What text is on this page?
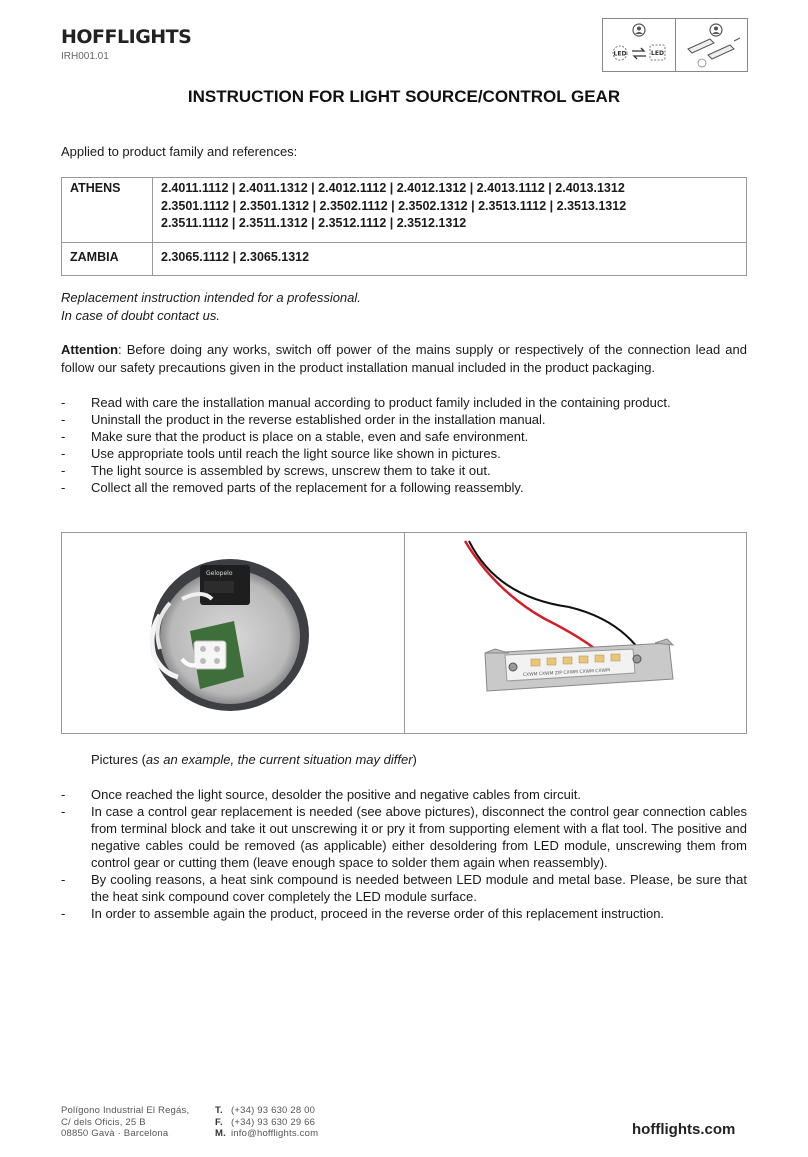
HOFFLIGHTS
IRH001.01	LED	LED
INSTRUCTION FOR LIGHT SOURCE/CONTROL GEAR
Applied to product family and references:
ATHENS	2.4011.1112 | 2.4011.1312 | 2.4012.1112 | 2.4012.1312 | 2.4013.1112 | 2.4013.1312
2.3501.1112 | 2.3501.1312 | 2.3502.1112 | 2.3502.1312 | 2.3513.1112 | 2.3513.1312
2.3511.1112 | 2.3511.1312 | 2.3512.1112 | 2.3512.1312

ZAMBIA	2.3065.1112 | 2.3065.1312
Replacement instruction intended for a professional.
In case of doubt contact us.
Attention: Before doing any works, switch off power of the mains supply or respectively of the connection lead and follow our safety precautions given in the product installation manual included in the product packaging.
- Read with care the installation manual according to product family included in the containing product.
- Uninstall the product in the reverse established order in the installation manual.
- Make sure that the product is place on a stable, even and safe environment.
- Use appropriate tools until reach the light source like shown in pictures.
- The light source is assembled by screws, unscrew them to take it out.
- Collect all the removed parts of the replacement for a following reassembly.
Gelopelo
CXWM CXWM ZIP CXWM CXWM CXWM
Pictures (as an example, the current situation may differ)
- Once reached the light source, desolder the positive and negative cables from circuit.
- In case a control gear replacement is needed (see above pictures), disconnect the control gear connection cables from terminal block and take it out unscrewing it or pry it from supporting element with a flat tool. The positive and negative cables could be removed (as applicable) either desoldering from LED module, unscrewing them from control gear or cutting them (leave enough space to solder them again when reassembly).
- By cooling reasons, a heat sink compound is needed between LED module and metal base. Please, be sure that the heat sink compound cover completely the LED module surface.
- In order to assemble again the product, proceed in the reverse order of this replacement instruction.
Polígono Industrial El Regás,
C/ dels Oficis, 25 B
08850 Gavà · Barcelona
T. (+34) 93 630 28 00
F. (+34) 93 630 29 66
M. info@hofflights.com	hofflights.com
